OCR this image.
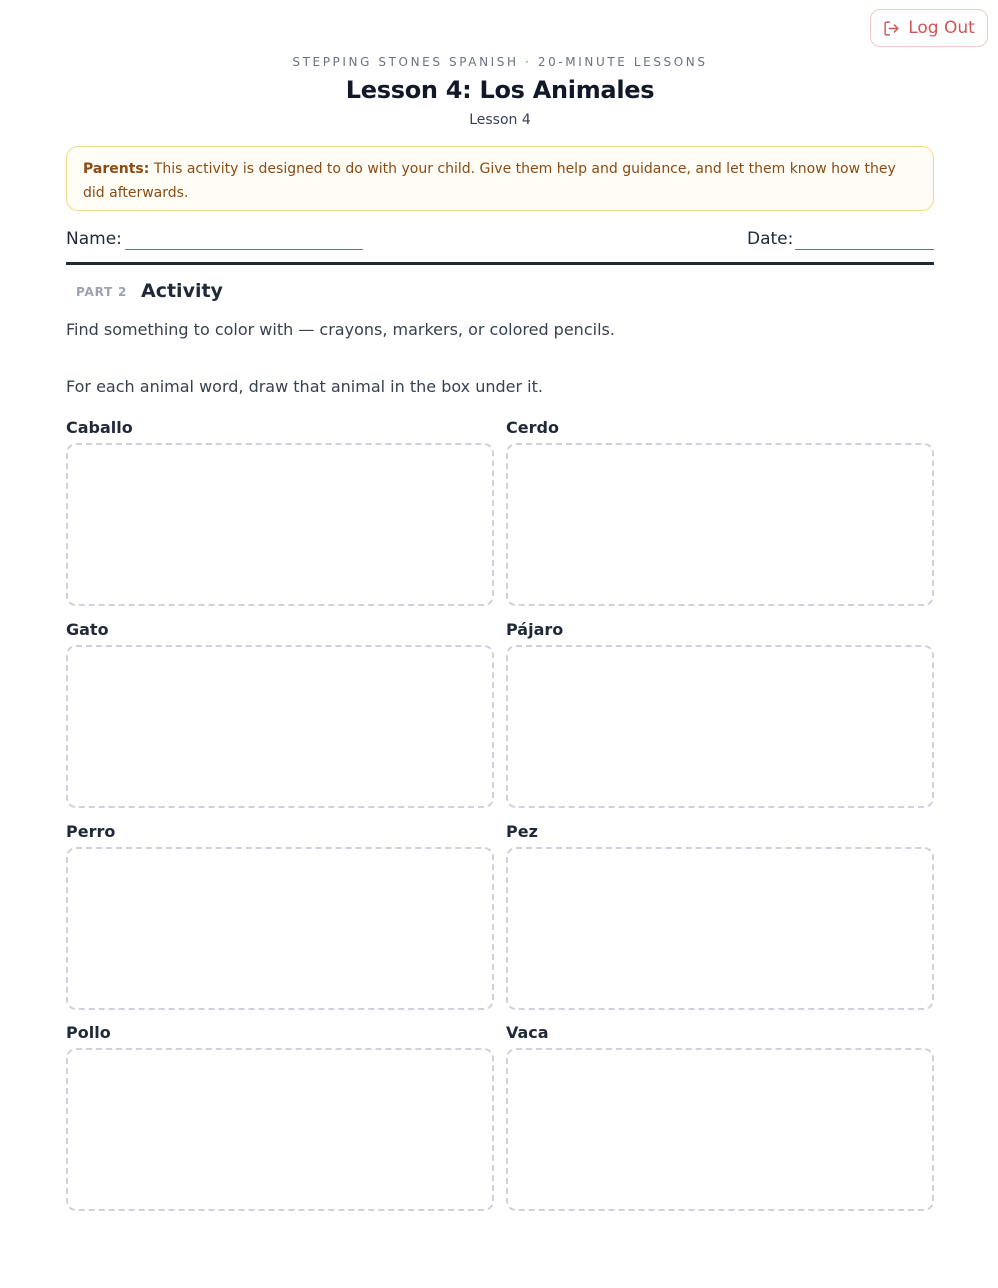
Log Out
STEPPING STONES SPANISH · 20-MINUTE LESSONS
Lesson 4: Los Animales
Lesson 4
Parents: This activity is designed to do with your child. Give them help and guidance, and let them know how they did afterwards.
Name:	Date:
PART 2 Activity
Find something to color with — crayons, markers, or colored pencils.
For each animal word, draw that animal in the box under it.
Caballo	Cerdo
Gato	Pájaro
Perro	Pez
Pollo	Vaca
